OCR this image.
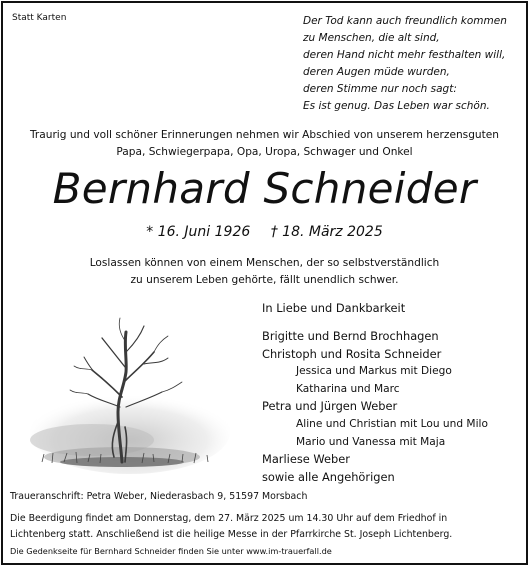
Statt Karten	Der Tod kann auch freundlich kommen
zu Menschen, die alt sind,
deren Hand nicht mehr festhalten will,
deren Augen müde wurden,
deren Stimme nur noch sagt:
Es ist genug. Das Leben war schön.
Traurig und voll schöner Erinnerungen nehmen wir Abschied von unserem herzensguten
Papa, Schwiegerpapa, Opa, Uropa, Schwager und Onkel
Bernhard Schneider
* 16. Juni 1926 † 18. März 2025
Loslassen können von einem Menschen, der so selbstverständlich
zu unserem Leben gehörte, fällt unendlich schwer.
In Liebe und Dankbarkeit
Brigitte und Bernd Brochhagen
Christoph und Rosita Schneider
Jessica und Markus mit Diego
Katharina und Marc
Petra und Jürgen Weber
Aline und Christian mit Lou und Milo
Mario und Vanessa mit Maja
Marliese Weber
sowie alle Angehörigen
Traueranschrift: Petra Weber, Niederasbach 9, 51597 Morsbach
Die Beerdigung findet am Donnerstag, dem 27. März 2025 um 14.30 Uhr auf dem Friedhof in
Lichtenberg statt. Anschließend ist die heilige Messe in der Pfarrkirche St. Joseph Lichtenberg.
Die Gedenkseite für Bernhard Schneider finden Sie unter www.im-trauerfall.de
